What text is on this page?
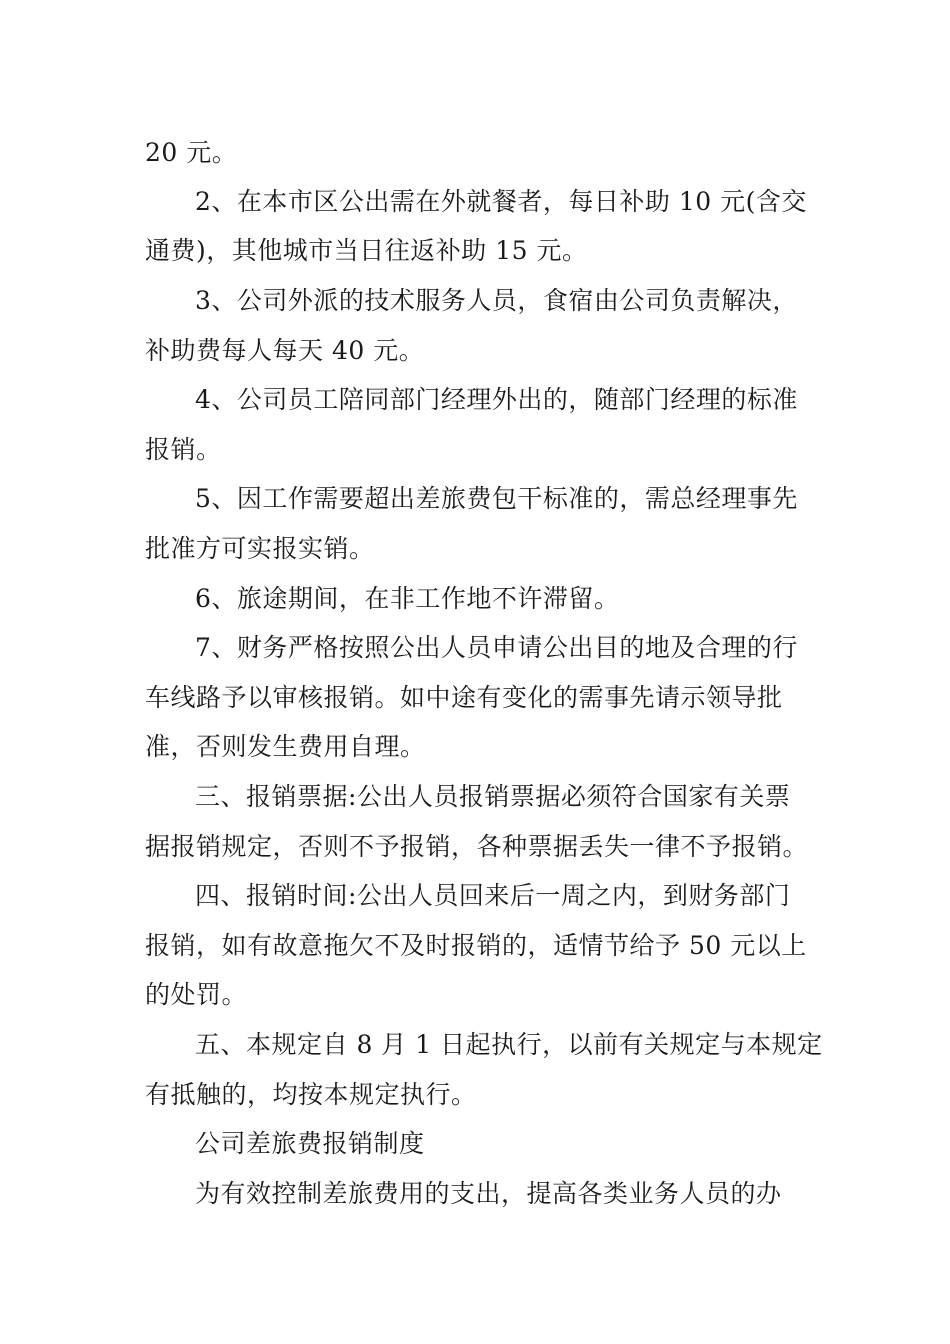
20 元。
2、在本市区公出需在外就餐者，每日补助 10 元(含交
通费)，其他城市当日往返补助 15 元。
3、公司外派的技术服务人员，食宿由公司负责解决，
补助费每人每天 40 元。
4、公司员工陪同部门经理外出的，随部门经理的标准
报销。
5、因工作需要超出差旅费包干标准的，需总经理事先
批准方可实报实销。
6、旅途期间，在非工作地不许滞留。
7、财务严格按照公出人员申请公出目的地及合理的行
车线路予以审核报销。如中途有变化的需事先请示领导批
准，否则发生费用自理。
三、报销票据:公出人员报销票据必须符合国家有关票
据报销规定，否则不予报销，各种票据丢失一律不予报销。
四、报销时间:公出人员回来后一周之内，到财务部门
报销，如有故意拖欠不及时报销的，适情节给予 50 元以上
的处罚。
五、本规定自 8 月 1 日起执行，以前有关规定与本规定
有抵触的，均按本规定执行。
公司差旅费报销制度
为有效控制差旅费用的支出，提高各类业务人员的办
